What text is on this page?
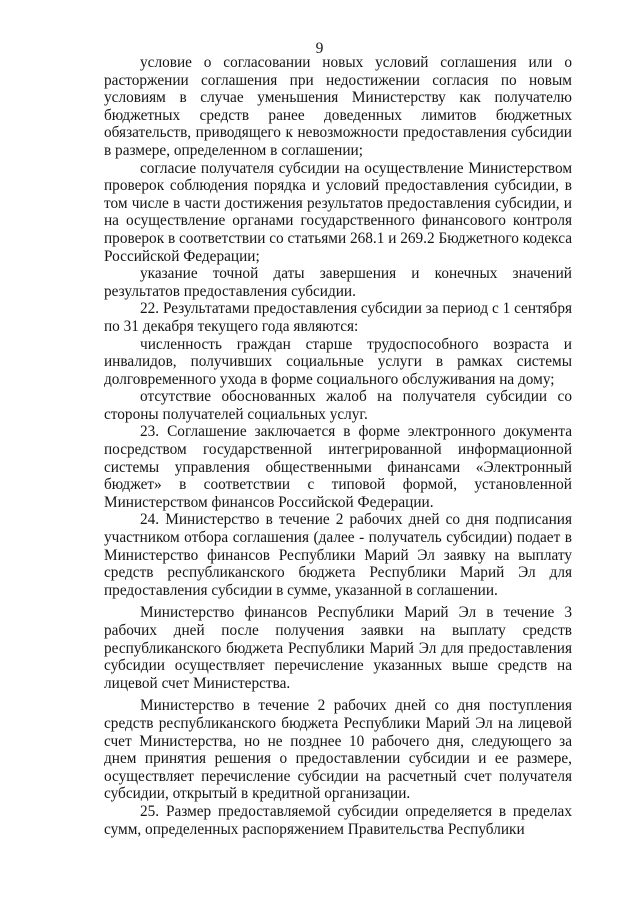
9

условие о согласовании новых условий соглашения или о расторжении соглашения при недостижении согласия по новым условиям в случае уменьшения Министерству как получателю бюджетных средств ранее доведенных лимитов бюджетных обязательств, приводящего к невозможности предоставления субсидии в размере, определенном в соглашении;

согласие получателя субсидии на осуществление Министерством проверок соблюдения порядка и условий предоставления субсидии, в том числе в части достижения результатов предоставления субсидии, и на осуществление органами государственного финансового контроля проверок в соответствии со статьями 268.1 и 269.2 Бюджетного кодекса Российской Федерации;

указание точной даты завершения и конечных значений результатов предоставления субсидии.

22. Результатами предоставления субсидии за период с 1 сентября по 31 декабря текущего года являются:

численность граждан старше трудоспособного возраста и инвалидов, получивших социальные услуги в рамках системы долговременного ухода в форме социального обслуживания на дому;

отсутствие обоснованных жалоб на получателя субсидии со стороны получателей социальных услуг.

23. Соглашение заключается в форме электронного документа посредством государственной интегрированной информационной системы управления общественными финансами «Электронный бюджет» в соответствии с типовой формой, установленной Министерством финансов Российской Федерации.

24. Министерство в течение 2 рабочих дней со дня подписания участником отбора соглашения (далее - получатель субсидии) подает в Министерство финансов Республики Марий Эл заявку на выплату средств республиканского бюджета Республики Марий Эл для предоставления субсидии в сумме, указанной в соглашении.

Министерство финансов Республики Марий Эл в течение 3 рабочих дней после получения заявки на выплату средств республиканского бюджета Республики Марий Эл для предоставления субсидии осуществляет перечисление указанных выше средств на лицевой счет Министерства.

Министерство в течение 2 рабочих дней со дня поступления средств республиканского бюджета Республики Марий Эл на лицевой счет Министерства, но не позднее 10 рабочего дня, следующего за днем принятия решения о предоставлении субсидии и ее размере, осуществляет перечисление субсидии на расчетный счет получателя субсидии, открытый в кредитной организации.

25. Размер предоставляемой субсидии определяется в пределах сумм, определенных распоряжением Правительства Республики
